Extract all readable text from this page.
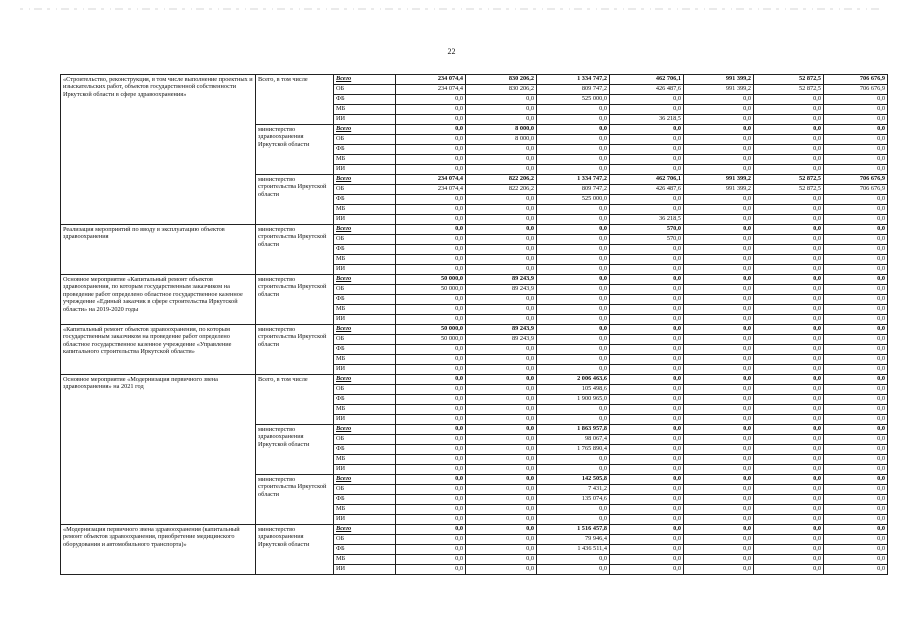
22
«Строительство, реконструкция, в том числе выполнение проектных и изыскательских работ, объектов государственной собственности Иркутской области в сфере здравоохранения»	Всего, в том числе	Всего	234 074,4	830 206,2	1 334 747,2	462 706,1	991 399,2	52 872,5	706 676,9
		ОБ	234 074,4	830 206,2	809 747,2	426 487,6	991 399,2	52 872,5	706 676,9
		ФБ	0,0	0,0	525 000,0	0,0	0,0	0,0	0,0
		МБ	0,0	0,0	0,0	0,0	0,0	0,0	0,0
		ИИ	0,0	0,0	0,0	36 218,5	0,0	0,0	0,0
	министерство здравоохранения Иркутской области	Всего	0,0	8 000,0	0,0	0,0	0,0	0,0	0,0
		ОБ	0,0	8 000,0	0,0	0,0	0,0	0,0	0,0
		ФБ	0,0	0,0	0,0	0,0	0,0	0,0	0,0
		МБ	0,0	0,0	0,0	0,0	0,0	0,0	0,0
		ИИ	0,0	0,0	0,0	0,0	0,0	0,0	0,0
	министерство строительства Иркутской области	Всего	234 074,4	822 206,2	1 334 747,2	462 706,1	991 399,2	52 872,5	706 676,9
		ОБ	234 074,4	822 206,2	809 747,2	426 487,6	991 399,2	52 872,5	706 676,9
		ФБ	0,0	0,0	525 000,0	0,0	0,0	0,0	0,0
		МБ	0,0	0,0	0,0	0,0	0,0	0,0	0,0
		ИИ	0,0	0,0	0,0	36 218,5	0,0	0,0	0,0
Реализация мероприятий по вводу в эксплуатацию объектов здравоохранения	министерство строительства Иркутской области	Всего	0,0	0,0	0,0	570,0	0,0	0,0	0,0
		ОБ	0,0	0,0	0,0	570,0	0,0	0,0	0,0
		ФБ	0,0	0,0	0,0	0,0	0,0	0,0	0,0
		МБ	0,0	0,0	0,0	0,0	0,0	0,0	0,0
		ИИ	0,0	0,0	0,0	0,0	0,0	0,0	0,0
Основное мероприятие «Капитальный ремонт объектов здравоохранения, по которым государственным заказчиком на проведение работ определено областное государственное казенное учреждение «Единый заказчик в сфере строительства Иркутской области» на 2019-2020 годы	министерство строительства Иркутской области	Всего	50 000,0	89 243,9	0,0	0,0	0,0	0,0	0,0
		ОБ	50 000,0	89 243,9	0,0	0,0	0,0	0,0	0,0
		ФБ	0,0	0,0	0,0	0,0	0,0	0,0	0,0
		МБ	0,0	0,0	0,0	0,0	0,0	0,0	0,0
		ИИ	0,0	0,0	0,0	0,0	0,0	0,0	0,0
«Капитальный ремонт объектов здравоохранения, по которым государственным заказчиком на проведение работ определено областное государственное казенное учреждение «Управление капитального строительства Иркутской области»	министерство строительства Иркутской области	Всего	50 000,0	89 243,9	0,0	0,0	0,0	0,0	0,0
		ОБ	50 000,0	89 243,9	0,0	0,0	0,0	0,0	0,0
		ФБ	0,0	0,0	0,0	0,0	0,0	0,0	0,0
		МБ	0,0	0,0	0,0	0,0	0,0	0,0	0,0
		ИИ	0,0	0,0	0,0	0,0	0,0	0,0	0,0
Основное мероприятие «Модернизация первичного звена здравоохранения» на 2021 год	Всего, в том числе	Всего	0,0	0,0	2 006 463,6	0,0	0,0	0,0	0,0
		ОБ	0,0	0,0	105 498,6	0,0	0,0	0,0	0,0
		ФБ	0,0	0,0	1 900 965,0	0,0	0,0	0,0	0,0
		МБ	0,0	0,0	0,0	0,0	0,0	0,0	0,0
		ИИ	0,0	0,0	0,0	0,0	0,0	0,0	0,0
	министерство здравоохранения Иркутской области	Всего	0,0	0,0	1 863 957,8	0,0	0,0	0,0	0,0
		ОБ	0,0	0,0	98 067,4	0,0	0,0	0,0	0,0
		ФБ	0,0	0,0	1 765 890,4	0,0	0,0	0,0	0,0
		МБ	0,0	0,0	0,0	0,0	0,0	0,0	0,0
		ИИ	0,0	0,0	0,0	0,0	0,0	0,0	0,0
	министерство строительства Иркутской области	Всего	0,0	0,0	142 505,8	0,0	0,0	0,0	0,0
		ОБ	0,0	0,0	7 431,2	0,0	0,0	0,0	0,0
		ФБ	0,0	0,0	135 074,6	0,0	0,0	0,0	0,0
		МБ	0,0	0,0	0,0	0,0	0,0	0,0	0,0
		ИИ	0,0	0,0	0,0	0,0	0,0	0,0	0,0
«Модернизация первичного звена здравоохранения (капитальный ремонт объектов здравоохранения, приобретение медицинского оборудования и автомобильного транспорта)»	министерство здравоохранения Иркутской области	Всего	0,0	0,0	1 516 457,8	0,0	0,0	0,0	0,0
		ОБ	0,0	0,0	79 946,4	0,0	0,0	0,0	0,0
		ФБ	0,0	0,0	1 436 511,4	0,0	0,0	0,0	0,0
		МБ	0,0	0,0	0,0	0,0	0,0	0,0	0,0
		ИИ	0,0	0,0	0,0	0,0	0,0	0,0	0,0
